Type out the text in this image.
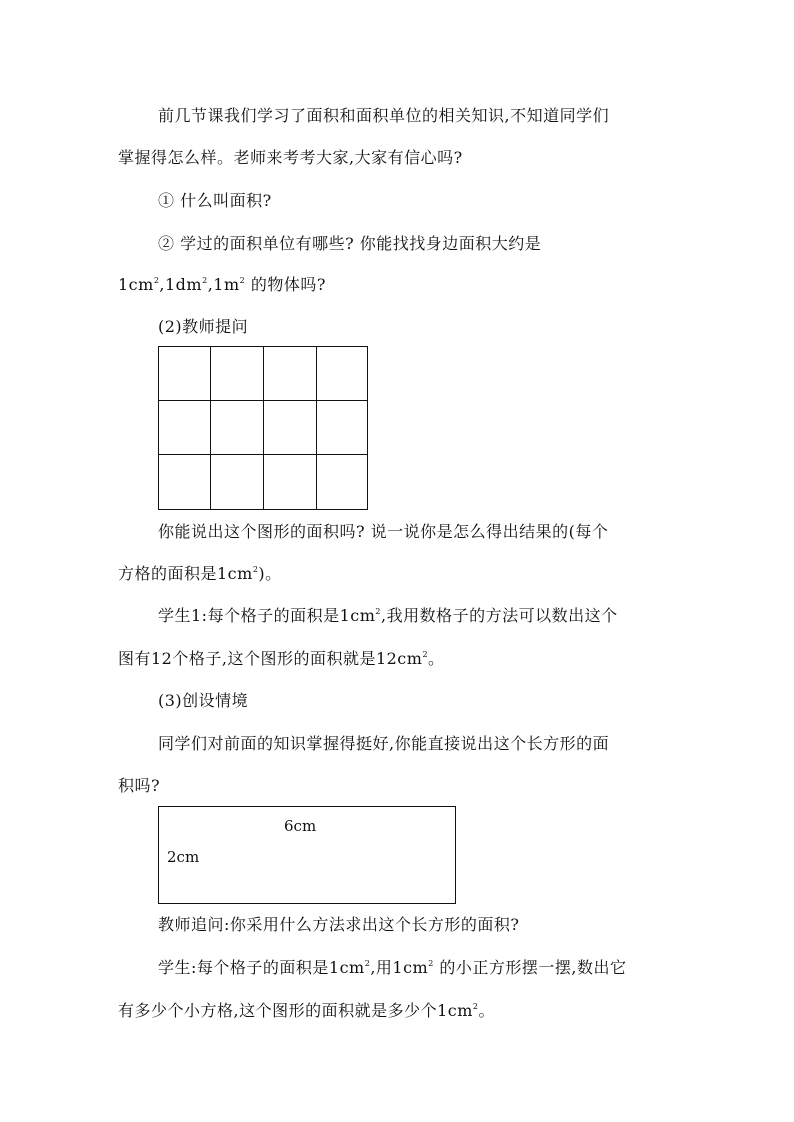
前几节课我们学习了面积和面积单位的相关知识,不知道同学们
掌握得怎么样。老师来考考大家,大家有信心吗?
① 什么叫面积?
② 学过的面积单位有哪些? 你能找找身边面积大约是
$1cm^2,1dm^2,1m^2$ 的物体吗?
(2)教师提问
你能说出这个图形的面积吗? 说一说你是怎么得出结果的(每个
方格的面积是$1cm^2$)。
学生1:每个格子的面积是$1cm^2$,我用数格子的方法可以数出这个
图有12个格子,这个图形的面积就是$12cm^2$。
(3)创设情境
同学们对前面的知识掌握得挺好,你能直接说出这个长方形的面
积吗?
6cm
2cm
教师追问:你采用什么方法求出这个长方形的面积?
学生:每个格子的面积是$1cm^2$,用$1cm^2$ 的小正方形摆一摆,数出它
有多少个小方格,这个图形的面积就是多少个$1cm^2$。
